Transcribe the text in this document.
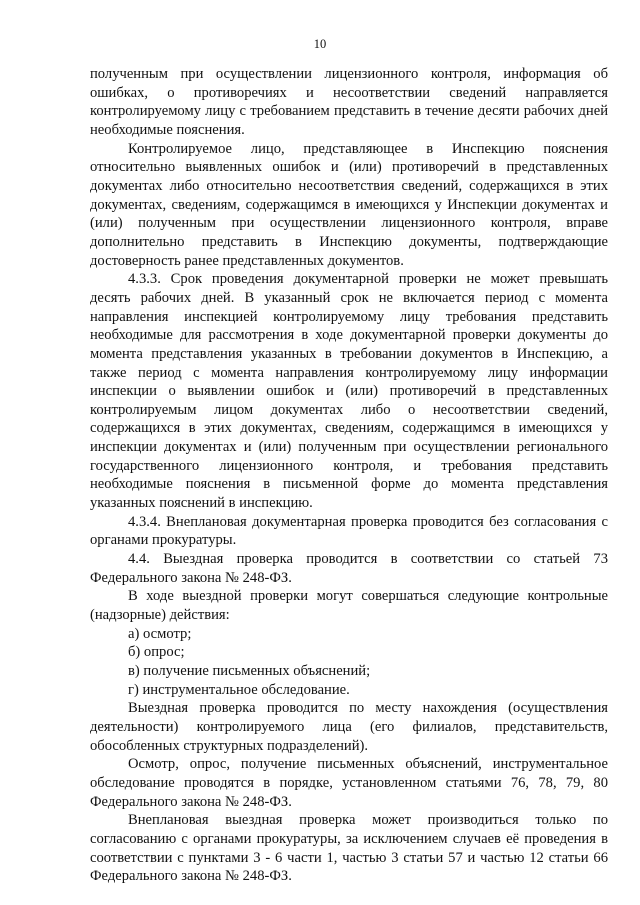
10

полученным при осуществлении лицензионного контроля, информация об ошибках, о противоречиях и несоответствии сведений направляется контролируемому лицу с требованием представить в течение десяти рабочих дней необходимые пояснения.

Контролируемое лицо, представляющее в Инспекцию пояснения относительно выявленных ошибок и (или) противоречий в представленных документах либо относительно несоответствия сведений, содержащихся в этих документах, сведениям, содержащимся в имеющихся у Инспекции документах и (или) полученным при осуществлении лицензионного контроля, вправе дополнительно представить в Инспекцию документы, подтверждающие достоверность ранее представленных документов.

4.3.3. Срок проведения документарной проверки не может превышать десять рабочих дней. В указанный срок не включается период с момента направления инспекцией контролируемому лицу требования представить необходимые для рассмотрения в ходе документарной проверки документы до момента представления указанных в требовании документов в Инспекцию, а также период с момента направления контролируемому лицу информации инспекции о выявлении ошибок и (или) противоречий в представленных контролируемым лицом документах либо о несоответствии сведений, содержащихся в этих документах, сведениям, содержащимся в имеющихся у инспекции документах и (или) полученным при осуществлении регионального государственного лицензионного контроля, и требования представить необходимые пояснения в письменной форме до момента представления указанных пояснений в инспекцию.

4.3.4. Внеплановая документарная проверка проводится без согласования с органами прокуратуры.

4.4. Выездная проверка проводится в соответствии со статьей 73 Федерального закона № 248-ФЗ.

В ходе выездной проверки могут совершаться следующие контрольные (надзорные) действия:

а) осмотр;

б) опрос;

в) получение письменных объяснений;

г) инструментальное обследование.

Выездная проверка проводится по месту нахождения (осуществления деятельности) контролируемого лица (его филиалов, представительств, обособленных структурных подразделений).

Осмотр, опрос, получение письменных объяснений, инструментальное обследование проводятся в порядке, установленном статьями 76, 78, 79, 80 Федерального закона № 248-ФЗ.

Внеплановая выездная проверка может производиться только по согласованию с органами прокуратуры, за исключением случаев её проведения в соответствии с пунктами 3 - 6 части 1, частью 3 статьи 57 и частью 12 статьи 66 Федерального закона № 248-ФЗ.
